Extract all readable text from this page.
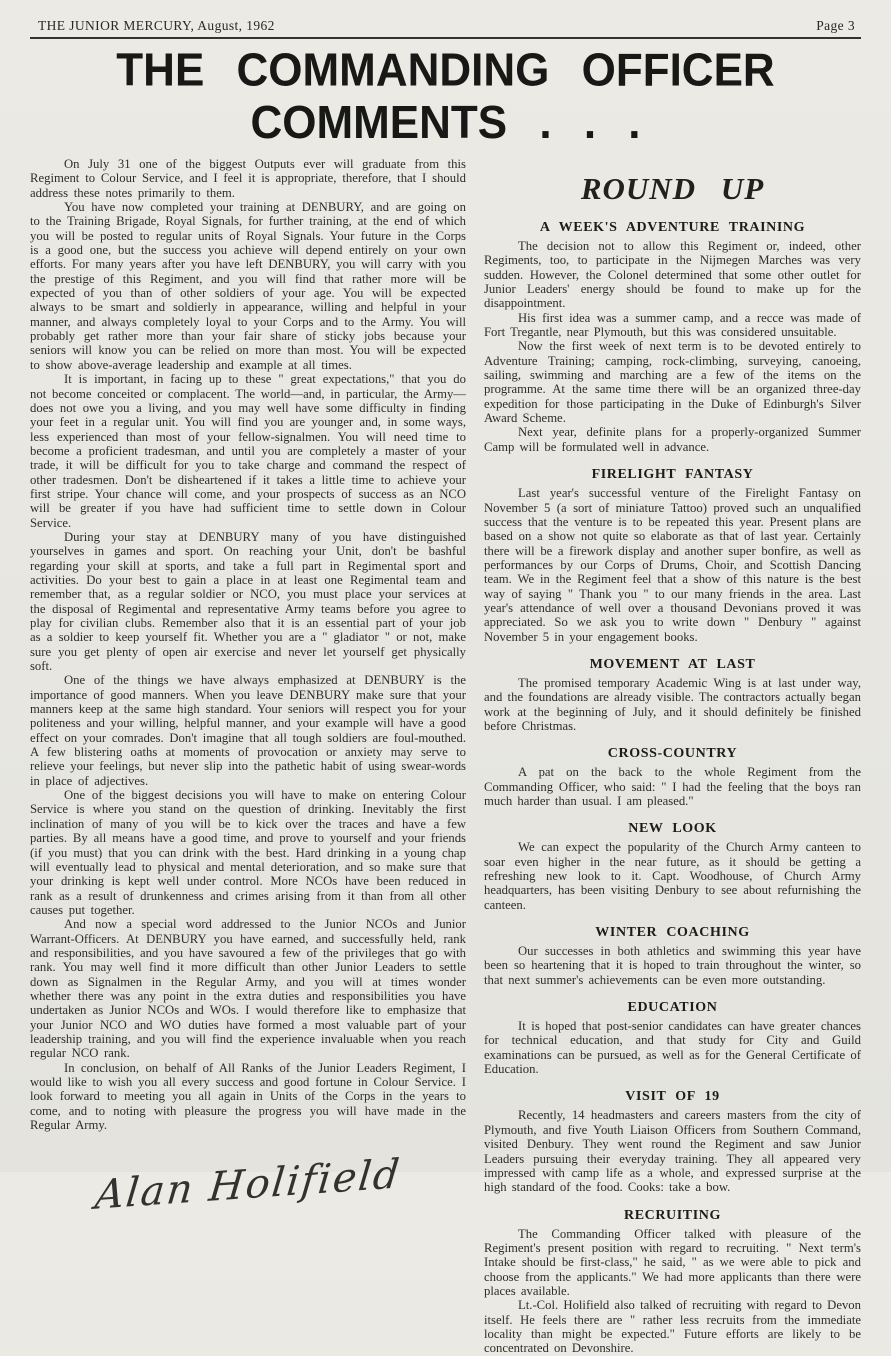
THE JUNIOR MERCURY, August, 1962	Page 3
THE COMMANDING OFFICER COMMENTS . . .

On July 31 one of the biggest Outputs ever will graduate from this Regiment to Colour Service, and I feel it is appropriate, therefore, that I should address these notes primarily to them.

You have now completed your training at DENBURY, and are going on to the Training Brigade, Royal Signals, for further training, at the end of which you will be posted to regular units of Royal Signals. Your future in the Corps is a good one, but the success you achieve will depend entirely on your own efforts. For many years after you have left DENBURY, you will carry with you the prestige of this Regiment, and you will find that rather more will be expected of you than of other soldiers of your age. You will be expected always to be smart and soldierly in appearance, willing and helpful in your manner, and always completely loyal to your Corps and to the Army. You will probably get rather more than your fair share of sticky jobs because your seniors will know you can be relied on more than most. You will be expected to show above-average leadership and example at all times.

It is important, in facing up to these " great expectations," that you do not become conceited or complacent. The world—and, in particular, the Army—does not owe you a living, and you may well have some difficulty in finding your feet in a regular unit. You will find you are younger and, in some ways, less experienced than most of your fellow-signalmen. You will need time to become a proficient tradesman, and until you are completely a master of your trade, it will be difficult for you to take charge and command the respect of other tradesmen. Don't be disheartened if it takes a little time to achieve your first stripe. Your chance will come, and your prospects of success as an NCO will be greater if you have had sufficient time to settle down in Colour Service.

During your stay at DENBURY many of you have distinguished yourselves in games and sport. On reaching your Unit, don't be bashful regarding your skill at sports, and take a full part in Regimental sport and activities. Do your best to gain a place in at least one Regimental team and remember that, as a regular soldier or NCO, you must place your services at the disposal of Regimental and representative Army teams before you agree to play for civilian clubs. Remember also that it is an essential part of your job as a soldier to keep yourself fit. Whether you are a " gladiator " or not, make sure you get plenty of open air exercise and never let yourself get physically soft.

One of the things we have always emphasized at DENBURY is the importance of good manners. When you leave DENBURY make sure that your manners keep at the same high standard. Your seniors will respect you for your politeness and your willing, helpful manner, and your example will have a good effect on your comrades. Don't imagine that all tough soldiers are foul-mouthed. A few blistering oaths at moments of provocation or anxiety may serve to relieve your feelings, but never slip into the pathetic habit of using swear-words in place of adjectives.

One of the biggest decisions you will have to make on entering Colour Service is where you stand on the question of drinking. Inevitably the first inclination of many of you will be to kick over the traces and have a few parties. By all means have a good time, and prove to yourself and your friends (if you must) that you can drink with the best. Hard drinking in a young chap will eventually lead to physical and mental deterioration, and so make sure that your drinking is kept well under control. More NCOs have been reduced in rank as a result of drunkenness and crimes arising from it than from all other causes put together.

And now a special word addressed to the Junior NCOs and Junior Warrant-Officers. At DENBURY you have earned, and successfully held, rank and responsibilities, and you have savoured a few of the privileges that go with rank. You may well find it more difficult than other Junior Leaders to settle down as Signalmen in the Regular Army, and you will at times wonder whether there was any point in the extra duties and responsibilities you have undertaken as Junior NCOs and WOs. I would therefore like to emphasize that your Junior NCO and WO duties have formed a most valuable part of your leadership training, and you will find the experience invaluable when you reach regular NCO rank.

In conclusion, on behalf of All Ranks of the Junior Leaders Regiment, I would like to wish you all every success and good fortune in Colour Service. I look forward to meeting you all again in Units of the Corps in the years to come, and to noting with pleasure the progress you will have made in the Regular Army.

Alan Holifield
ROUND UP
A WEEK'S ADVENTURE TRAINING

The decision not to allow this Regiment or, indeed, other Regiments, too, to participate in the Nijmegen Marches was very sudden. However, the Colonel determined that some other outlet for Junior Leaders' energy should be found to make up for the disappointment.

His first idea was a summer camp, and a recce was made of Fort Tregantle, near Plymouth, but this was considered unsuitable.

Now the first week of next term is to be devoted entirely to Adventure Training; camping, rock-climbing, surveying, canoeing, sailing, swimming and marching are a few of the items on the programme. At the same time there will be an organized three-day expedition for those participating in the Duke of Edinburgh's Silver Award Scheme.

Next year, definite plans for a properly-organized Summer Camp will be formulated well in advance.

FIRELIGHT FANTASY

Last year's successful venture of the Firelight Fantasy on November 5 (a sort of miniature Tattoo) proved such an unqualified success that the venture is to be repeated this year. Present plans are based on a show not quite so elaborate as that of last year. Certainly there will be a firework display and another super bonfire, as well as performances by our Corps of Drums, Choir, and Scottish Dancing team. We in the Regiment feel that a show of this nature is the best way of saying " Thank you " to our many friends in the area. Last year's attendance of well over a thousand Devonians proved it was appreciated. So we ask you to write down " Denbury " against November 5 in your engagement books.

MOVEMENT AT LAST

The promised temporary Academic Wing is at last under way, and the foundations are already visible. The contractors actually began work at the beginning of July, and it should definitely be finished before Christmas.

CROSS-COUNTRY

A pat on the back to the whole Regiment from the Commanding Officer, who said: " I had the feeling that the boys ran much harder than usual. I am pleased."

NEW LOOK

We can expect the popularity of the Church Army canteen to soar even higher in the near future, as it should be getting a refreshing new look to it. Capt. Woodhouse, of Church Army headquarters, has been visiting Denbury to see about refurnishing the canteen.

WINTER COACHING

Our successes in both athletics and swimming this year have been so heartening that it is hoped to train throughout the winter, so that next summer's achievements can be even more outstanding.

EDUCATION

It is hoped that post-senior candidates can have greater chances for technical education, and that study for City and Guild examinations can be pursued, as well as for the General Certificate of Education.

VISIT OF 19

Recently, 14 headmasters and careers masters from the city of Plymouth, and five Youth Liaison Officers from Southern Command, visited Denbury. They went round the Regiment and saw Junior Leaders pursuing their everyday training. They all appeared very impressed with camp life as a whole, and expressed surprise at the high standard of the food. Cooks: take a bow.

RECRUITING

The Commanding Officer talked with pleasure of the Regiment's present position with regard to recruiting. " Next term's Intake should be first-class," he said, " as we were able to pick and choose from the applicants." We had more applicants than there were places available.

Lt.-Col. Holifield also talked of recruiting with regard to Devon itself. He feels there are " rather less recruits from the immediate locality than might be expected." Future efforts are likely to be concentrated on Devonshire.
